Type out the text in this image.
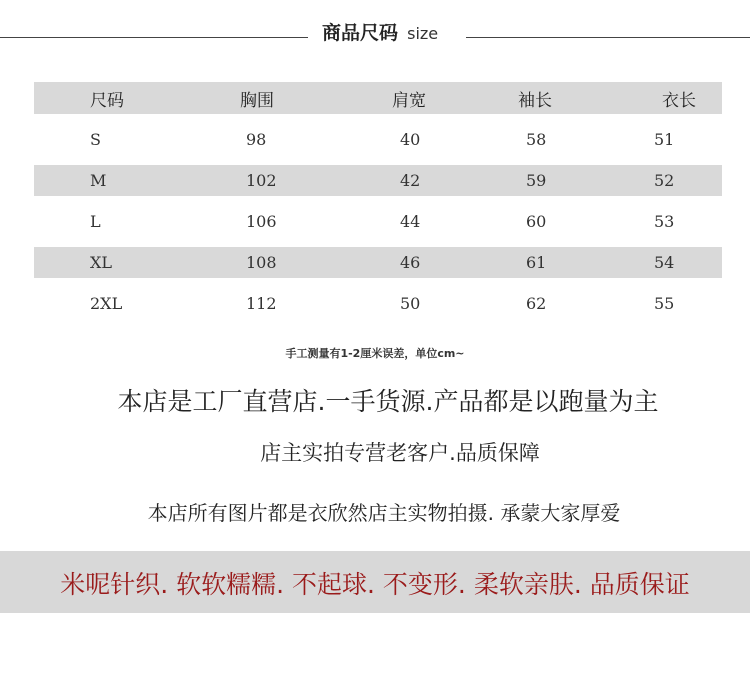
商品尺码 size
尺码	胸围	肩宽	袖长	衣长
S	98	40	58	51
M	102	42	59	52
L	106	44	60	53
XL	108	46	61	54
2XL	112	50	62	55
手工测量有1-2厘米误差，单位cm~
本店是工厂直营店.一手货源.产品都是以跑量为主
店主实拍专营老客户.品质保障
本店所有图片都是衣欣然店主实物拍摄. 承蒙大家厚爱
米呢针织. 软软糯糯. 不起球. 不变形. 柔软亲肤. 品质保证
